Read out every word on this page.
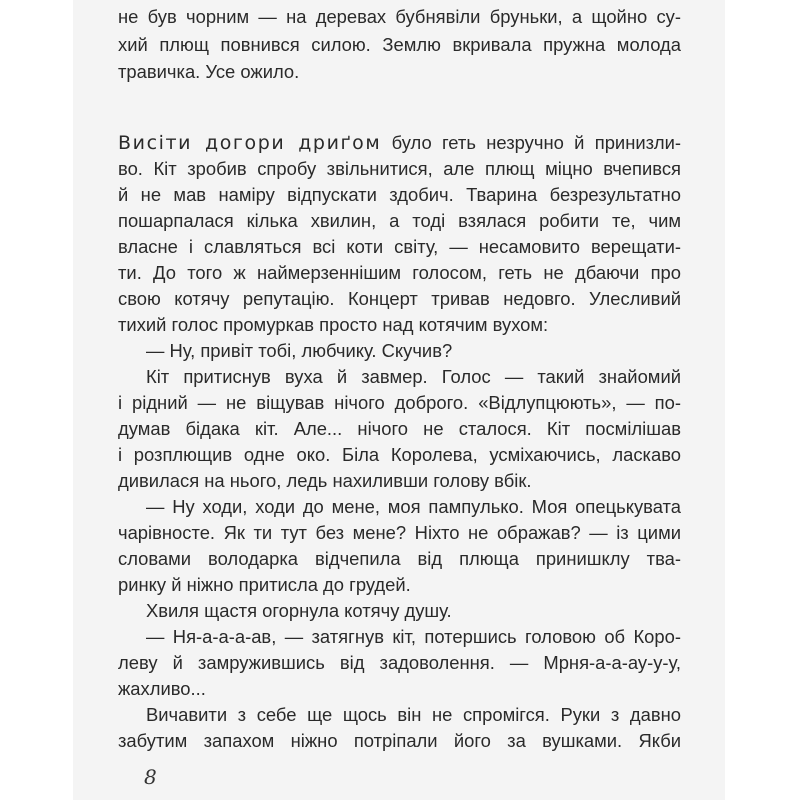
не був чорним — на деревах бубнявіли бруньки, а щойно су-
хий плющ повнився силою. Землю вкривала пружна молода
травичка. Усе ожило.
Висіти догори дриґом було геть незручно й принизли-
во. Кіт зробив спробу звільнитися, але плющ міцно вчепився
й не мав наміру відпускати здобич. Тварина безрезультатно
пошарпалася кілька хвилин, а тоді взялася робити те, чим
власне і славляться всі коти світу, — несамовито верещати-
ти. До того ж наймерзеннішим голосом, геть не дбаючи про
свою котячу репутацію. Концерт тривав недовго. Улесливий
тихий голос промуркав просто над котячим вухом:
— Ну, привіт тобі, любчику. Скучив?
Кіт притиснув вуха й завмер. Голос — такий знайомий
і рідний — не віщував нічого доброго. «Відлупцюють», — по-
думав бідака кіт. Але... нічого не сталося. Кіт посмілішав
і розплющив одне око. Біла Королева, усміхаючись, ласкаво
дивилася на нього, ледь нахиливши голову вбік.
— Ну ходи, ходи до мене, моя пампулько. Моя опецькувата
чарівносте. Як ти тут без мене? Ніхто не ображав? — із цими
словами володарка відчепила від плюща принишклу тва-
ринку й ніжно притисла до грудей.
Хвиля щастя огорнула котячу душу.
— Ня-а-а-а-ав, — затягнув кіт, потершись головою об Коро-
леву й замружившись від задоволення. — Мрня-а-а-ау-у-у,
жахливо...
Вичавити з себе ще щось він не спромігся. Руки з давно
забутим запахом ніжно потріпали його за вушками. Якби
8
